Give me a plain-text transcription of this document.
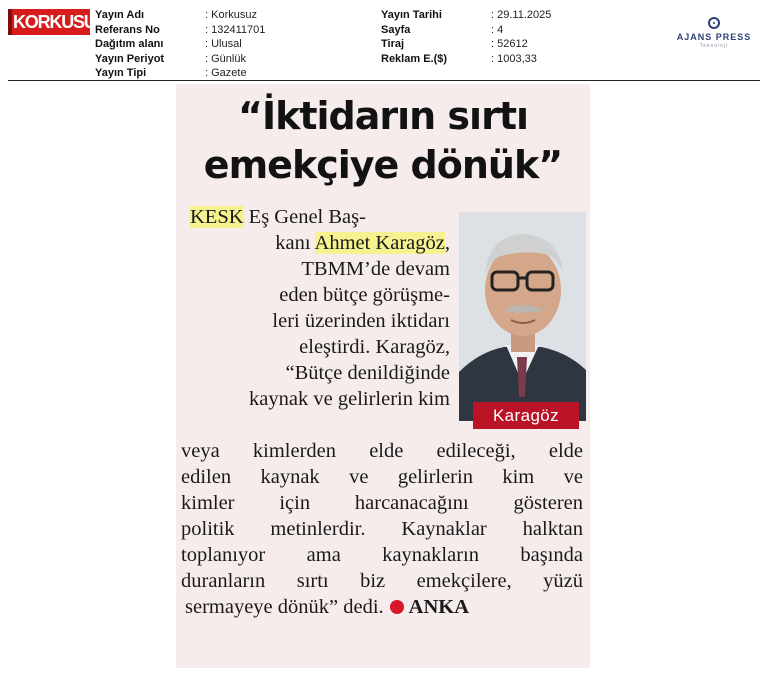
KORKUSUZ
Yayın Adı	: Korkusuz
Referans No	: 132411701
Dağıtım alanı	: Ulusal
Yayın Periyot	: Günlük
Yayın Tipi	: Gazete
Yayın Tarihi	: 29.11.2025
Sayfa	: 4
Tiraj	: 52612
Reklam E.($)	: 1003,33
AJANS PRESS
Teknoloji
“İktidarın sırtı
emekçiye dönük”
KESK Eş Genel Baş-
kanı Ahmet Karagöz,
TBMM’de devam
eden bütçe görüşme-
leri üzerinden iktidarı
eleştirdi. Karagöz,
“Bütçe denildiğinde
kaynak ve gelirlerin kim
Karagöz
veya kimlerden elde edileceği, elde
edilen kaynak ve gelirlerin kim ve
kimler için harcanacağını gösteren
politik metinlerdir. Kaynaklar halktan
toplanıyor ama kaynakların başında
duranların sırtı biz emekçilere, yüzü
sermayeye dönük” dedi. ANKA
